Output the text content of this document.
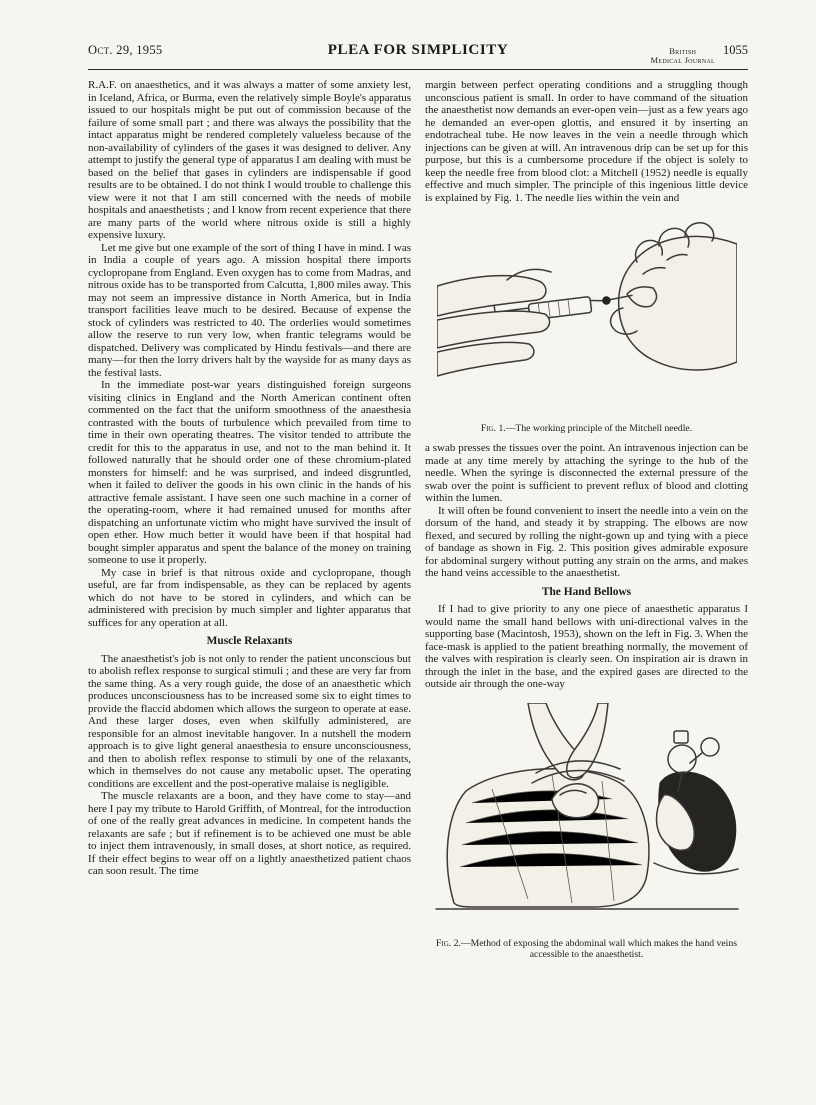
Oct. 29, 1955	PLEA FOR SIMPLICITY	British
Medical Journal
1055

R.A.F. on anaesthetics, and it was always a matter of some anxiety lest, in Iceland, Africa, or Burma, even the relatively simple Boyle's apparatus issued to our hospitals might be put out of commission because of the failure of some small part ; and there was always the possibility that the intact apparatus might be rendered completely valueless because of the non-availability of cylinders of the gases it was designed to deliver. Any attempt to justify the general type of apparatus I am dealing with must be based on the belief that gases in cylinders are indispensable if good results are to be obtained. I do not think I would trouble to challenge this view were it not that I am still concerned with the needs of mobile hospitals and anaesthetists ; and I know from recent experience that there are many parts of the world where nitrous oxide is still a highly expensive luxury.

Let me give but one example of the sort of thing I have in mind. I was in India a couple of years ago. A mission hospital there imports cyclopropane from England. Even oxygen has to come from Madras, and nitrous oxide has to be transported from Calcutta, 1,800 miles away. This may not seem an impressive distance in North America, but in India transport facilities leave much to be desired. Because of expense the stock of cylinders was restricted to 40. The orderlies would sometimes allow the reserve to run very low, when frantic telegrams would be dispatched. Delivery was complicated by Hindu festivals—and there are many—for then the lorry drivers halt by the wayside for as many days as the festival lasts.

In the immediate post-war years distinguished foreign surgeons visiting clinics in England and the North American continent often commented on the fact that the uniform smoothness of the anaesthesia contrasted with the bouts of turbulence which prevailed from time to time in their own operating theatres. The visitor tended to attribute the credit for this to the apparatus in use, and not to the man behind it. It followed naturally that he should order one of these chromium-plated monsters for himself: and he was surprised, and indeed disgruntled, when it failed to deliver the goods in his own clinic in the hands of his attractive female assistant. I have seen one such machine in a corner of the operating-room, where it had remained unused for months after dispatching an unfortunate victim who might have survived the insult of open ether. How much better it would have been if that hospital had bought simpler apparatus and spent the balance of the money on training someone to use it properly.

My case in brief is that nitrous oxide and cyclopropane, though useful, are far from indispensable, as they can be replaced by agents which do not have to be stored in cylinders, and which can be administered with precision by much simpler and lighter apparatus that suffices for any operation at all.

Muscle Relaxants

The anaesthetist's job is not only to render the patient unconscious but to abolish reflex response to surgical stimuli ; and these are very far from the same thing. As a very rough guide, the dose of an anaesthetic which produces unconsciousness has to be increased some six to eight times to provide the flaccid abdomen which allows the surgeon to operate at ease. And these larger doses, even when skilfully administered, are responsible for an almost inevitable hangover. In a nutshell the modern approach is to give light general anaesthesia to ensure unconsciousness, and then to abolish reflex response to stimuli by one of the relaxants, which in themselves do not cause any metabolic upset. The operating conditions are excellent and the post-operative malaise is negligible.

The muscle relaxants are a boon, and they have come to stay—and here I pay my tribute to Harold Griffith, of Montreal, for the introduction of one of the really great advances in medicine. In competent hands the relaxants are safe ; but if refinement is to be achieved one must be able to inject them intravenously, in small doses, at short notice, as required. If their effect begins to wear off on a lightly anaesthetized patient chaos can soon result. The time

margin between perfect operating conditions and a struggling though unconscious patient is small. In order to have command of the situation the anaesthetist now demands an ever-open vein—just as a few years ago he demanded an ever-open glottis, and ensured it by inserting an endotracheal tube. He now leaves in the vein a needle through which injections can be given at will. An intravenous drip can be set up for this purpose, but this is a cumbersome procedure if the object is solely to keep the needle free from blood clot: a Mitchell (1952) needle is equally effective and much simpler. The principle of this ingenious little device is explained by Fig. 1. The needle lies within the vein and

Fig. 1.—The working principle of the Mitchell needle.

a swab presses the tissues over the point. An intravenous injection can be made at any time merely by attaching the syringe to the hub of the needle. When the syringe is disconnected the external pressure of the swab over the point is sufficient to prevent reflux of blood and clotting within the lumen.

It will often be found convenient to insert the needle into a vein on the dorsum of the hand, and steady it by strapping. The elbows are now flexed, and secured by rolling the night-gown up and tying with a piece of bandage as shown in Fig. 2. This position gives admirable exposure for abdominal surgery without putting any strain on the arms, and makes the hand veins accessible to the anaesthetist.

The Hand Bellows

If I had to give priority to any one piece of anaesthetic apparatus I would name the small hand bellows with uni-directional valves in the supporting base (Macintosh, 1953), shown on the left in Fig. 3. When the face-mask is applied to the patient breathing normally, the movement of the valves with respiration is clearly seen. On inspiration air is drawn in through the inlet in the base, and the expired gases are directed to the outside air through the one-way

Fig. 2.—Method of exposing the abdominal wall which makes the hand veins accessible to the anaesthetist.
